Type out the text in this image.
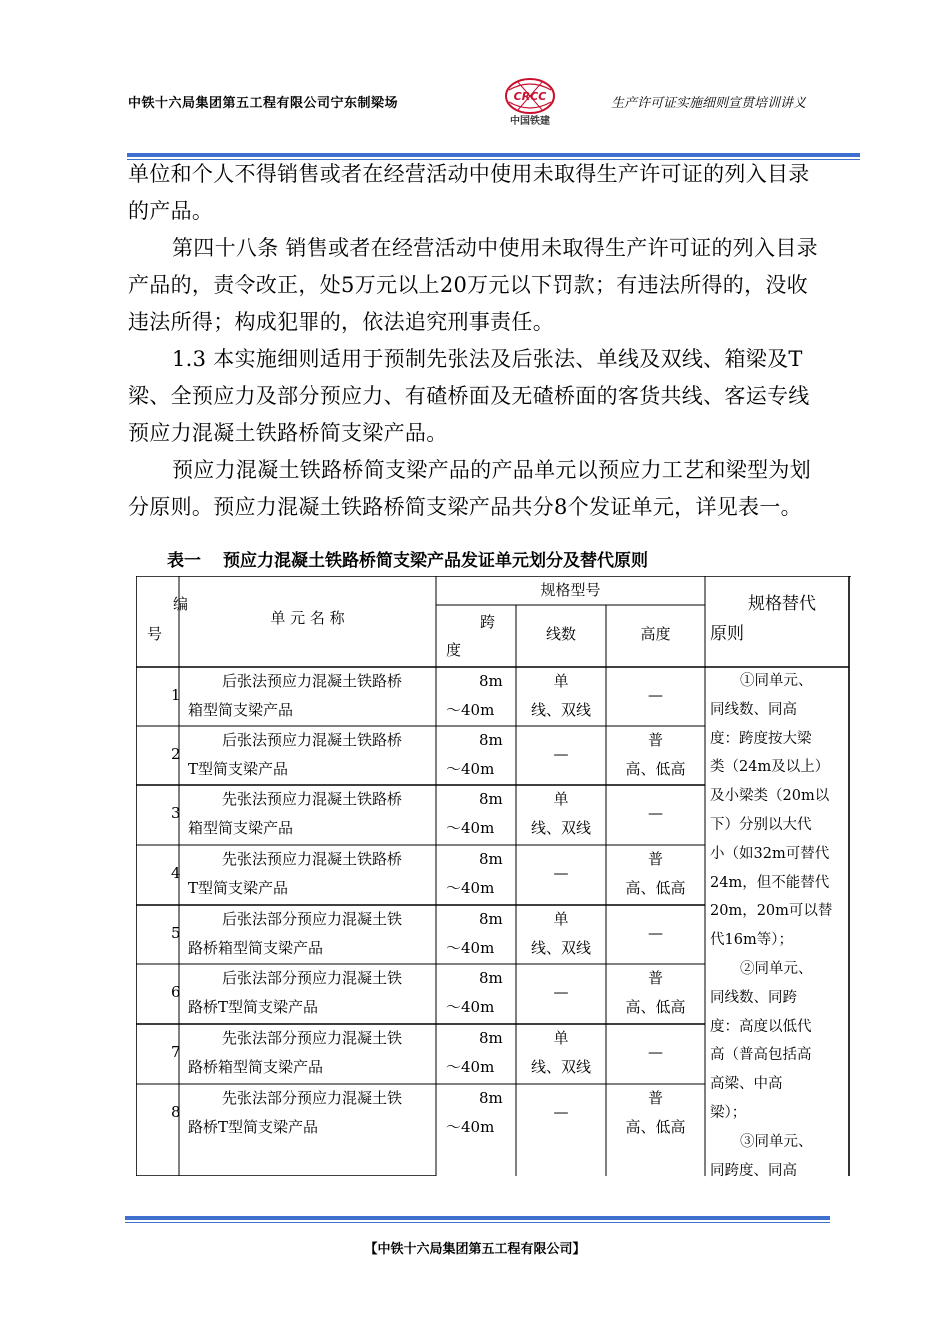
中铁十六局集团第五工程有限公司宁东制梁场	CRCC
中国铁建
生产许可证实施细则宣贯培训讲义
单位和个人不得销售或者在经营活动中使用未取得生产许可证的列入目录
的产品。
第四十八条 销售或者在经营活动中使用未取得生产许可证的列入目录
产品的，责令改正，处5万元以上20万元以下罚款；有违法所得的，没收
违法所得；构成犯罪的，依法追究刑事责任。
1.3 本实施细则适用于预制先张法及后张法、单线及双线、箱梁及T
梁、全预应力及部分预应力、有碴桥面及无碴桥面的客货共线、客运专线
预应力混凝土铁路桥简支梁产品。
预应力混凝土铁路桥简支梁产品的产品单元以预应力工艺和梁型为划
分原则。预应力混凝土铁路桥简支梁产品共分8个发证单元，详见表一。
表一 预应力混凝土铁路桥简支梁产品发证单元划分及替代原则
编
号
单 元 名 称
规格型号
跨
度
线数	高度
规格替代
原则
1
后张法预应力混凝土铁路桥
箱型简支梁产品
8m
～40m
单
线、双线
—
2
后张法预应力混凝土铁路桥
T型简支梁产品
8m
～40m
—
普
高、低高
3
先张法预应力混凝土铁路桥
箱型简支梁产品
8m
～40m
单
线、双线
—
4
先张法预应力混凝土铁路桥
T型简支梁产品
8m
～40m
—
普
高、低高
5
后张法部分预应力混凝土铁
路桥箱型简支梁产品
8m
～40m
单
线、双线
—
6
后张法部分预应力混凝土铁
路桥T型简支梁产品
8m
～40m
—
普
高、低高
7
先张法部分预应力混凝土铁
路桥箱型简支梁产品
8m
～40m
单
线、双线
—
8
先张法部分预应力混凝土铁
路桥T型简支梁产品
8m
～40m
—
普
高、低高
①同单元、
同线数、同高
度：跨度按大梁
类（24m及以上）
及小梁类（20m以
下）分别以大代
小（如32m可替代
24m，但不能替代
20m，20m可以替
代16m等）；
②同单元、
同线数、同跨
度：高度以低代
高（普高包括高
高梁、中高
梁）；
③同单元、
同跨度、同高
【中铁十六局集团第五工程有限公司】
